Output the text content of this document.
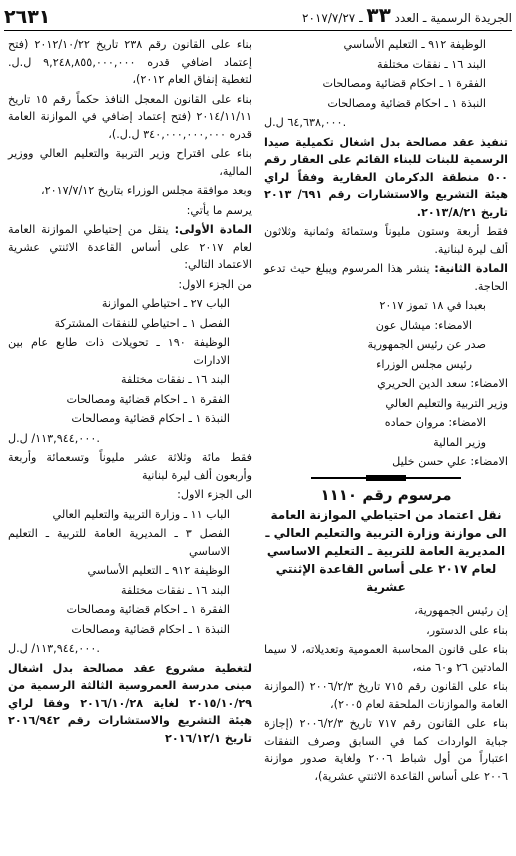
٢٦٣١	الجريدة الرسمية ـ العدد ٣٣ ـ ٢٠١٧/٧/٢٧

الوظيفة ٩١٢ ـ التعليم الأساسي

البند ١٦ ـ نفقات مختلفة

الفقرة ١ ـ احكام قضائية ومصالحات

النبذة ١ ـ احكام قضائية ومصالحات

٦٤,٦٣٨,٠٠٠ ل.ل.

تنفيذ عقد مصالحة بدل اشغال تكميلية صيدا الرسمية للبنات للبناء القائم على العقار رقم ٥٠٠ منطقة الدكرمان العقارية وفقاً لراي هيئة التشريع والاستشارات رقم ٦٩١/ ٢٠١٣ تاريخ ٢٠١٣/٨/٢١.

فقط أربعة وستون مليوناً وستمائة وثمانية وثلاثون ألف ليرة لبنانية.

المادة الثانية: ينشر هذا المرسوم ويبلغ حيث تدعو الحاجة.

بعبدا في ١٨ تموز ٢٠١٧

الامضاء: ميشال عون

صدر عن رئيس الجمهورية

رئيس مجلس الوزراء

الامضاء: سعد الدين الحريري

وزير التربية والتعليم العالي

الامضاء: مروان حماده

وزير المالية

الامضاء: علي حسن خليل

مرسوم رقم ١١١٠
نقل اعتماد من احتياطي الموازنة العامة الى موازنة وزارة التربية والتعليم العالي ـ المديرية العامة للتربية ـ التعليم الاساسي لعام ٢٠١٧ على أساس القاعدة الإثنتي عشرية

إن رئيس الجمهورية،

بناء على الدستور،

بناء على قانون المحاسبة العمومية وتعديلاته، لا سيما المادتين ٢٦ و٦٠ منه،

بناء على القانون رقم ٧١٥ تاريخ ٢٠٠٦/٢/٣ (الموازنة العامة والموازنات الملحقة لعام ٢٠٠٥)،

بناء على القانون رقم ٧١٧ تاريخ ٢٠٠٦/٢/٣ (إجازة جباية الواردات كما في السابق وصرف النفقات اعتباراً من أول شباط ٢٠٠٦ ولغاية صدور موازنة ٢٠٠٦ على أساس القاعدة الاثنتي عشرية)،

بناء على القانون رقم ٢٣٨ تاريخ ٢٠١٢/١٠/٢٢ (فتح إعتماد اضافي قدره ٩,٢٤٨,٨٥٥,٠٠٠,٠٠٠ ل.ل. لتغطية إنفاق العام ٢٠١٢)،

بناء على القانون المعجل النافذ حكماً رقم ١٥ تاريخ ٢٠١٤/١١/١١ (فتح إعتماد إضافي في الموازنة العامة قدره ٣٤٠,٠٠٠,٠٠٠,٠٠٠ ل.ل.)،

بناء على اقتراح وزير التربية والتعليم العالي ووزير المالية،

وبعد موافقة مجلس الوزراء بتاريخ ٢٠١٧/٧/١٢،

يرسم ما يأتي:

المادة الأولى: ينقل من إحتياطي الموازنة العامة لعام ٢٠١٧ على أساس القاعدة الاثنتي عشرية الاعتماد التالي:

من الجزء الاول:

الباب ٢٧ ـ احتياطي الموازنة

الفصل ١ ـ احتياطي للنفقات المشتركة

الوظيفة ١٩٠ ـ تحويلات ذات طابع عام بين الادارات

البند ١٦ ـ نفقات مختلفة

الفقرة ١ ـ احكام قضائية ومصالحات

النبذة ١ ـ احكام قضائية ومصالحات

١١٣,٩٤٤,٠٠٠/ ل.ل.

فقط مائة وثلاثة عشر مليوناً وتسعمائة وأربعة وأربعون ألف ليرة لبنانية

الى الجزء الاول:

الباب ١١ ـ وزارة التربية والتعليم العالي

الفصل ٣ ـ المديرية العامة للتربية ـ التعليم الاساسي

الوظيفة ٩١٢ ـ التعليم الأساسي

البند ١٦ ـ نفقات مختلفة

الفقرة ١ ـ احكام قضائية ومصالحات

النبذة ١ ـ احكام قضائية ومصالحات

١١٣,٩٤٤,٠٠٠/ ل.ل.

لتغطية مشروع عقد مصالحة بدل اشغال مبنى مدرسة العمروسية الثالثة الرسمية من ٢٠١٥/١٠/٢٩ لغاية ٢٠١٦/١٠/٢٨ وفقا لراي هيئة التشريع والاستشارات رقم ٢٠١٦/٩٤٢ تاريخ ٢٠١٦/١٢/١
